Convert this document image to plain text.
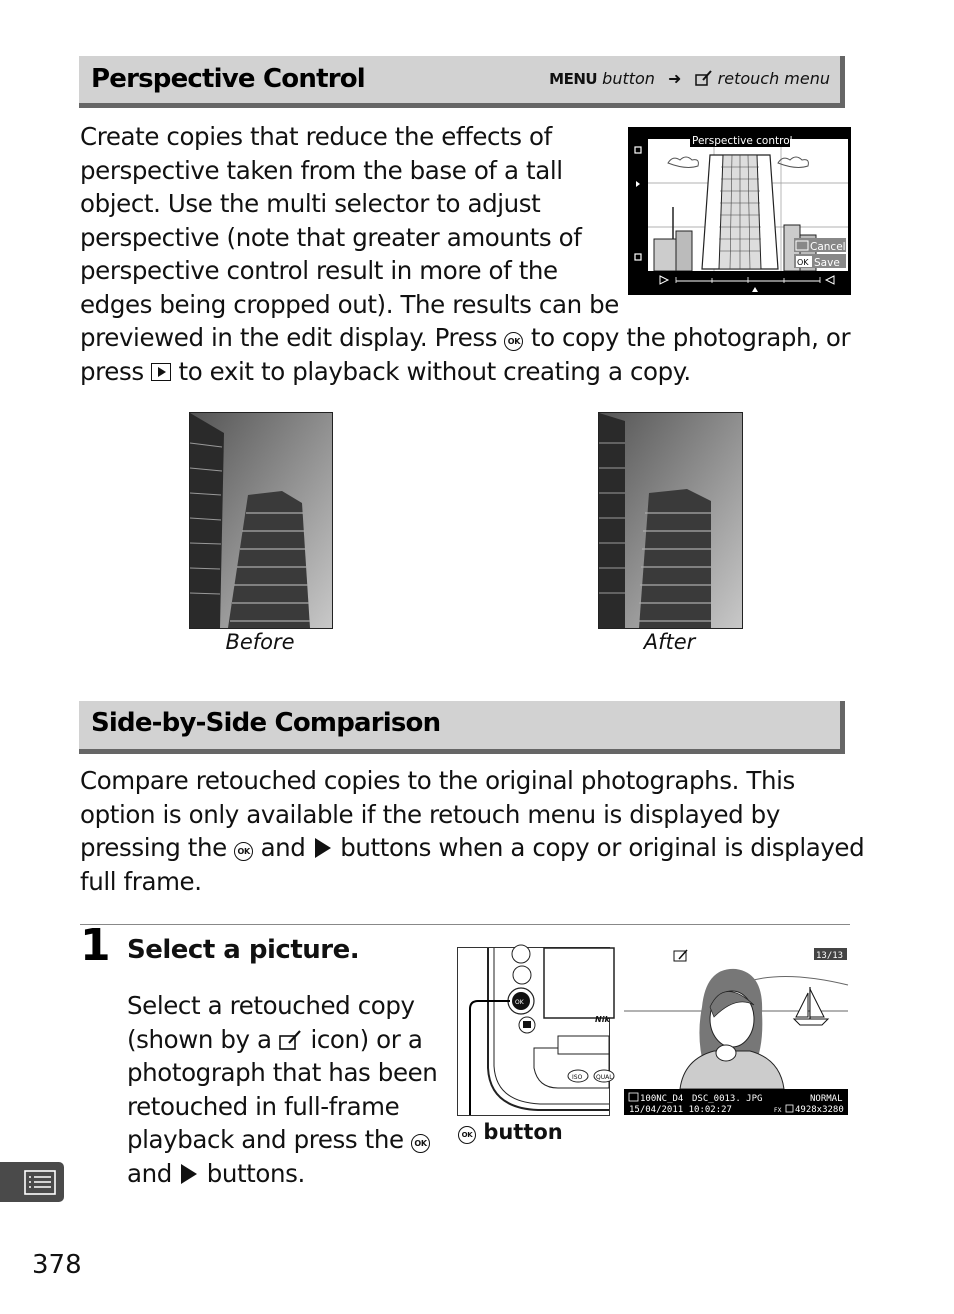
Perspective Control	MENU button ➜ retouch menu
Create copies that reduce the effects of
perspective taken from the base of a tall
object. Use the multi selector to adjust
perspective (note that greater amounts of
perspective control result in more of the
edges being cropped out). The results can be
previewed in the edit display. Press OK to copy the photograph, or
press to exit to playback without creating a copy.
Perspective control
Cancel
OK Save
Before	After
Side-by-Side Comparison
Compare retouched copies to the original photographs. This
option is only available if the retouch menu is displayed by
pressing the OK and buttons when a copy or original is displayed
full frame.
1 Select a picture.
Select a retouched copy
(shown by a icon) or a
photograph that has been
retouched in full-frame
playback and press the OK
and buttons.
OK
ISO QUAL
Nik
OK button
13/13
100NC_D4 DSC_0013. JPG	NORMAL
15/04/2011 10:02:27	FX 4928x3280
378
